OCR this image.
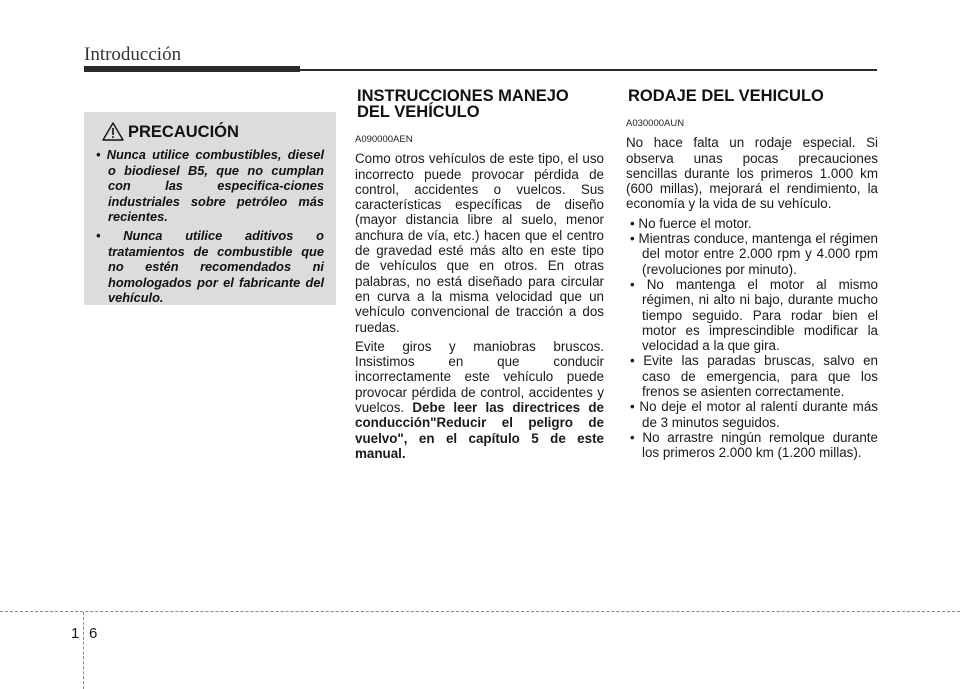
Introducción
PRECAUCIÓN
• Nunca utilice combustibles, diesel o biodiesel B5, que no cumplan con las especifica-ciones industriales sobre petróleo más recientes.
• Nunca utilice aditivos o tratamientos de combustible que no estén recomendados ni homologados por el fabricante del vehículo.
INSTRUCCIONES MANEJO DEL VEHÍCULO
A090000AEN

Como otros vehículos de este tipo, el uso incorrecto puede provocar pérdida de control, accidentes o vuelcos. Sus características específicas de diseño (mayor distancia libre al suelo, menor anchura de vía, etc.) hacen que el centro de gravedad esté más alto en este tipo de vehículos que en otros. En otras palabras, no está diseñado para circular en curva a la misma velocidad que un vehículo convencional de tracción a dos ruedas.

Evite giros y maniobras bruscos. Insistimos en que conducir incorrectamente este vehículo puede provocar pérdida de control, accidentes y vuelcos. Debe leer las directrices de conducción"Reducir el peligro de vuelvo", en el capítulo 5 de este manual.

RODAJE DEL VEHICULO
A030000AUN

No hace falta un rodaje especial. Si observa unas pocas precauciones sencillas durante los primeros 1.000 km (600 millas), mejorará el rendimiento, la economía y la vida de su vehículo.

• No fuerce el motor.
• Mientras conduce, mantenga el régimen del motor entre 2.000 rpm y 4.000 rpm (revoluciones por minuto).
• No mantenga el motor al mismo régimen, ni alto ni bajo, durante mucho tiempo seguido. Para rodar bien el motor es imprescindible modificar la velocidad a la que gira.
• Evite las paradas bruscas, salvo en caso de emergencia, para que los frenos se asienten correctamente.
• No deje el motor al ralentí durante más de 3 minutos seguidos.
• No arrastre ningún remolque durante los primeros 2.000 km (1.200 millas).
1 6
